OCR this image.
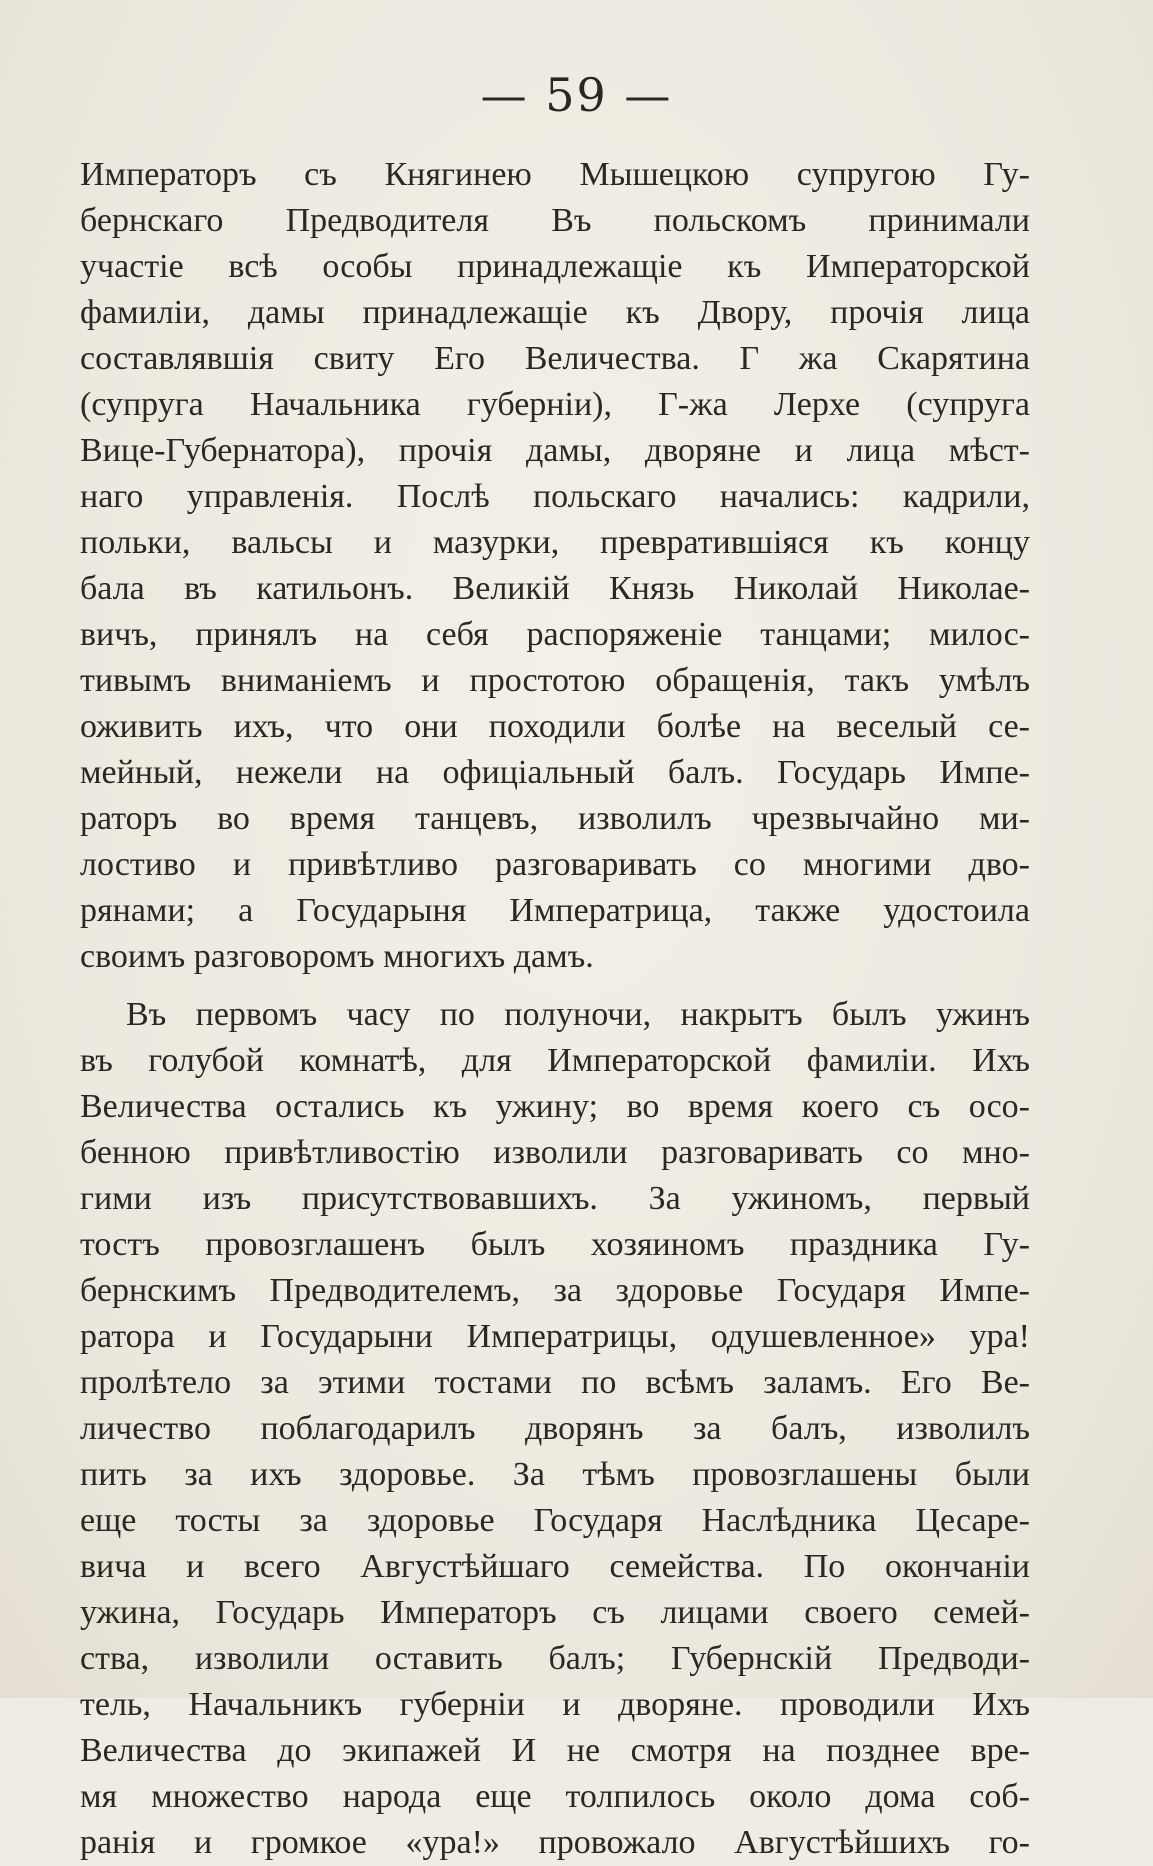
— 59 —
Императоръ съ Княгинею Мышецкою супругою Гу-
бернскаго Предводителя Въ польскомъ принимали
участіе всѣ особы принадлежащіе къ Императорской
фамиліи, дамы принадлежащіе къ Двору, прочія лица
составлявшія свиту Его Величества. Г жа Скарятина
(супруга Начальника губерніи), Г-жа Лерхе (супруга
Вице-Губернатора), прочія дамы, дворяне и лица мѣст-
наго управленія. Послѣ польскаго начались: кадрили,
польки, вальсы и мазурки, превратившіяся къ концу
бала въ катильонъ. Великій Князь Николай Николае-
вичъ, принялъ на себя распоряженіе танцами; милос-
тивымъ вниманіемъ и простотою обращенія, такъ умѣлъ
оживить ихъ, что они походили болѣе на веселый се-
мейный, нежели на офиціальный балъ. Государь Импе-
раторъ во время танцевъ, изволилъ чрезвычайно ми-
лостиво и привѣтливо разговаривать со многими дво-
рянами; а Государыня Императрица, также удостоила
своимъ разговоромъ многихъ дамъ.
Въ первомъ часу по полуночи, накрытъ былъ ужинъ
въ голубой комнатѣ, для Императорской фамиліи. Ихъ
Величества остались къ ужину; во время коего съ осо-
бенною привѣтливостію изволили разговаривать со мно-
гими изъ присутствовавшихъ. За ужиномъ, первый
тостъ провозглашенъ былъ хозяиномъ праздника Гу-
бернскимъ Предводителемъ, за здоровье Государя Импе-
ратора и Государыни Императрицы, одушевленное» ура!
пролѣтело за этими тостами по всѣмъ заламъ. Его Ве-
личество поблагодарилъ дворянъ за балъ, изволилъ
пить за ихъ здоровье. За тѣмъ провозглашены были
еще тосты за здоровье Государя Наслѣдника Цесаре-
вича и всего Августѣйшаго семейства. По окончаніи
ужина, Государь Императоръ съ лицами своего семей-
ства, изволили оставить балъ; Губернскій Предводи-
тель, Начальникъ губерніи и дворяне. проводили Ихъ
Величества до экипажей И не смотря на позднее вре-
мя множество народа еще толпилось около дома соб-
ранія и громкое «ура!» провожало Августѣйшихъ го-
